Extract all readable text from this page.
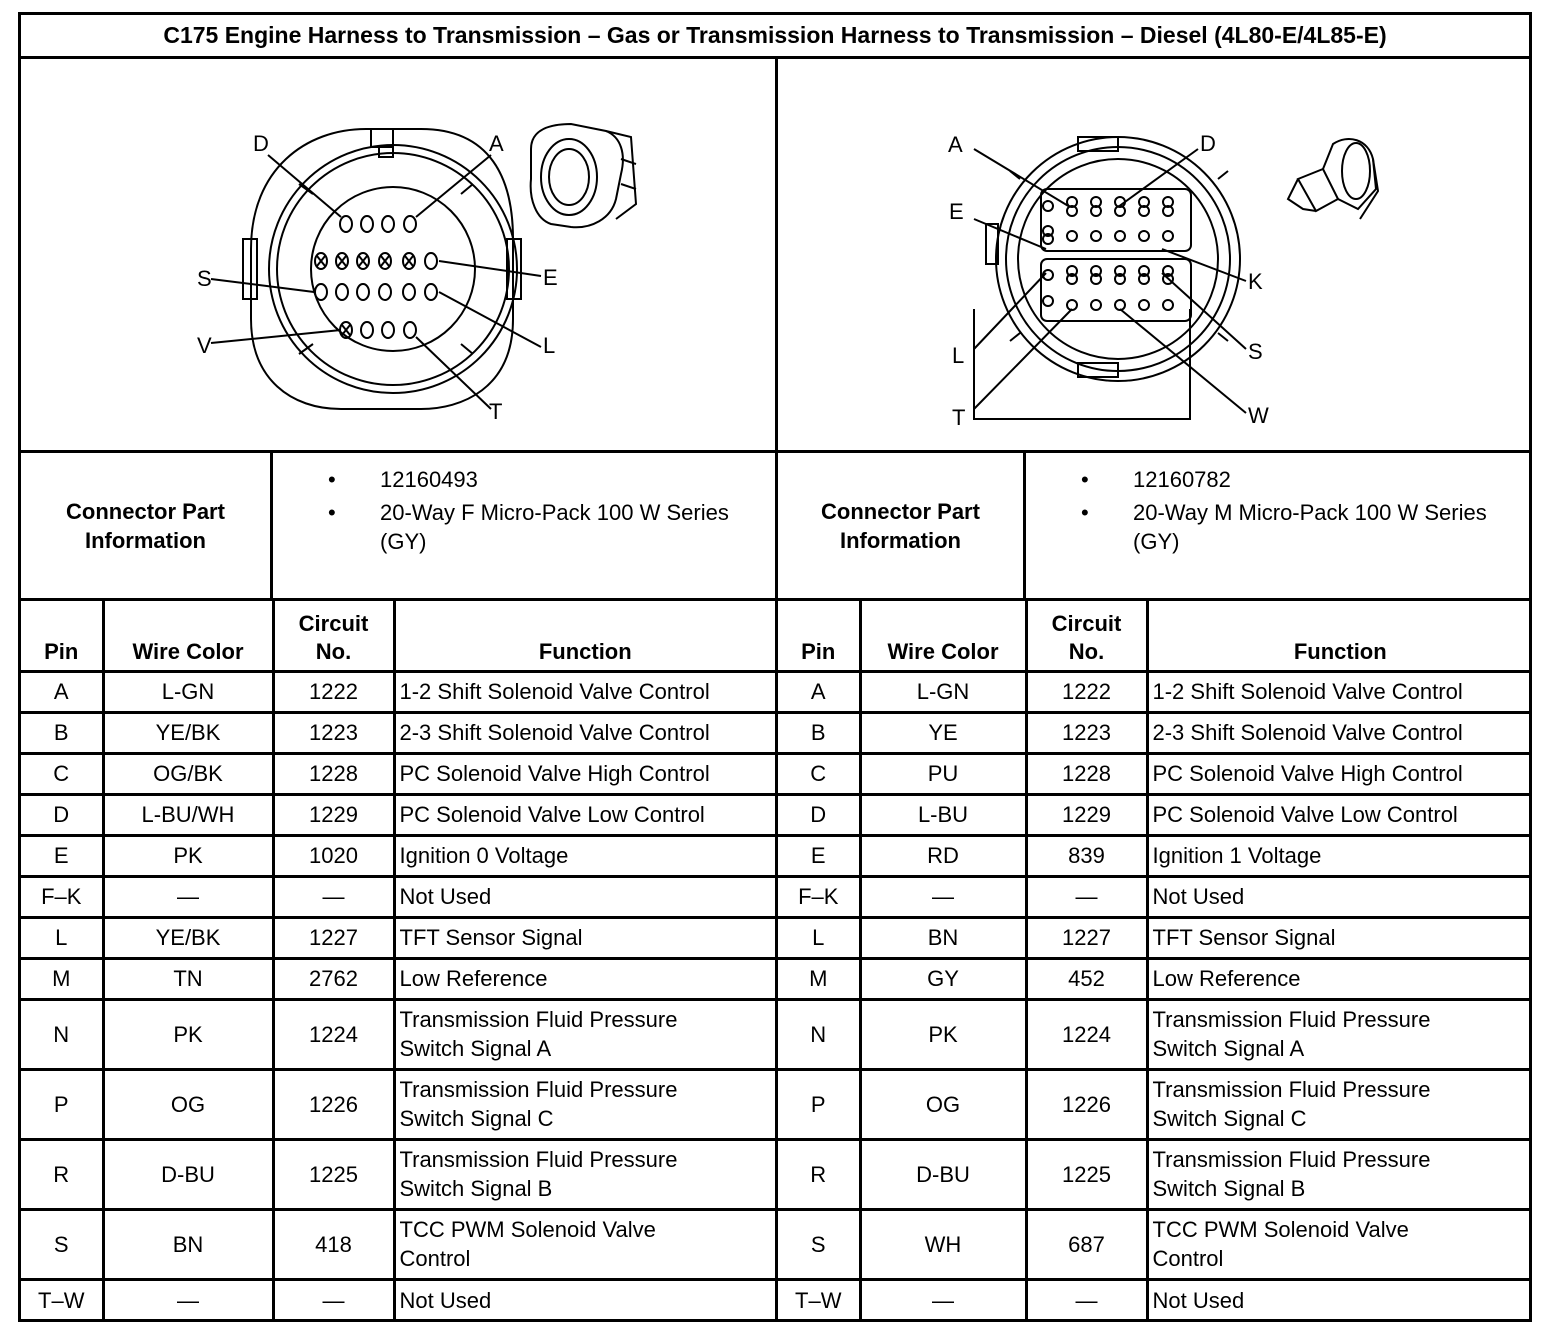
C175 Engine Harness to Transmission – Gas or Transmission Harness to Transmission – Diesel (4L80-E/4L85-E)
D	A
S	E
V	L
T
A	D
E
K
L	S
T	W
Connector Part
Information
• 12160493
• 20-Way F Micro-Pack 100 W Series (GY)
Connector Part
Information
• 12160782
• 20-Way M Micro-Pack 100 W Series (GY)
Pin	Wire Color	Circuit
No.	Function
A	L-GN	1222	1-2 Shift Solenoid Valve Control
B	YE/BK	1223	2-3 Shift Solenoid Valve Control
C	OG/BK	1228	PC Solenoid Valve High Control
D	L-BU/WH	1229	PC Solenoid Valve Low Control
E	PK	1020	Ignition 0 Voltage
F–K	—	—	Not Used
L	YE/BK	1227	TFT Sensor Signal
M	TN	2762	Low Reference
N	PK	1224	Transmission Fluid Pressure
Switch Signal A
P	OG	1226	Transmission Fluid Pressure
Switch Signal C
R	D-BU	1225	Transmission Fluid Pressure
Switch Signal B
S	BN	418	TCC PWM Solenoid Valve
Control
T–W	—	—	Not Used
Pin	Wire Color	Circuit
No.	Function
A	L-GN	1222	1-2 Shift Solenoid Valve Control
B	YE	1223	2-3 Shift Solenoid Valve Control
C	PU	1228	PC Solenoid Valve High Control
D	L-BU	1229	PC Solenoid Valve Low Control
E	RD	839	Ignition 1 Voltage
F–K	—	—	Not Used
L	BN	1227	TFT Sensor Signal
M	GY	452	Low Reference
N	PK	1224	Transmission Fluid Pressure
Switch Signal A
P	OG	1226	Transmission Fluid Pressure
Switch Signal C
R	D-BU	1225	Transmission Fluid Pressure
Switch Signal B
S	WH	687	TCC PWM Solenoid Valve
Control
T–W	—	—	Not Used
